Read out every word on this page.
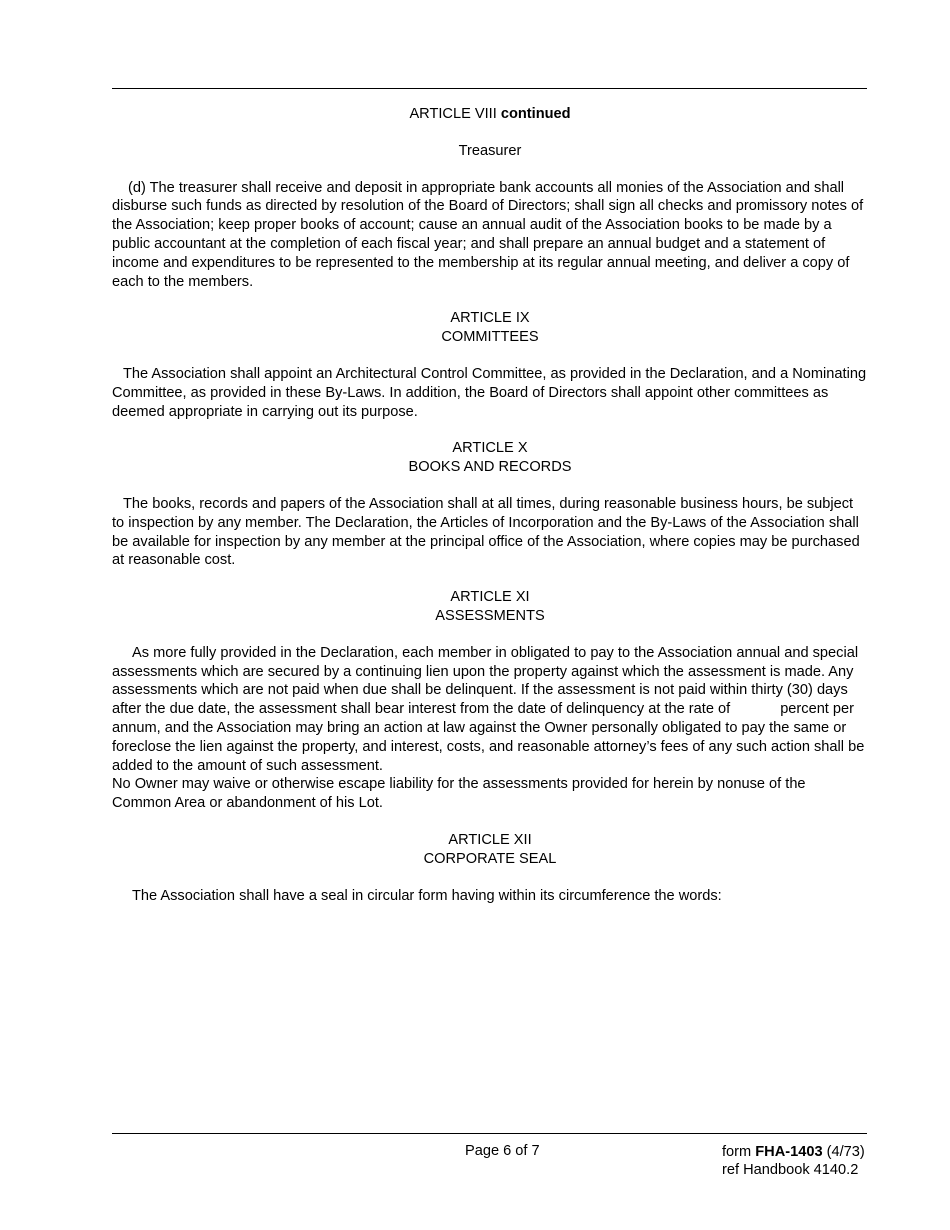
ARTICLE VIII continued

Treasurer

(d) The treasurer shall receive and deposit in appropriate bank accounts all monies of the Association and shall disburse such funds as directed by resolution of the Board of Directors; shall sign all checks and promissory notes of the Association; keep proper books of account; cause an annual audit of the Association books to be made by a public accountant at the completion of each fiscal year; and shall prepare an annual budget and a statement of income and expenditures to be represented to the membership at its regular annual meeting, and deliver a copy of each to the members.

ARTICLE IX

COMMITTEES

The Association shall appoint an Architectural Control Committee, as provided in the Declaration, and a Nominating Committee, as provided in these By-Laws. In addition, the Board of Directors shall appoint other committees as deemed appropriate in carrying out its purpose.

ARTICLE X

BOOKS AND RECORDS

The books, records and papers of the Association shall at all times, during reasonable business hours, be subject to inspection by any member. The Declaration, the Articles of Incorporation and the By-Laws of the Association shall be available for inspection by any member at the principal office of the Association, where copies may be purchased at reasonable cost.

ARTICLE XI

ASSESSMENTS

As more fully provided in the Declaration, each member in obligated to pay to the Association annual and special assessments which are secured by a continuing lien upon the property against which the assessment is made. Any assessments which are not paid when due shall be delinquent. If the assessment is not paid within thirty (30) days after the due date, the assessment shall bear interest from the date of delinquency at the rate of	percent per annum, and the Association may bring an action at law against the Owner personally obligated to pay the same or foreclose the lien against the property, and interest, costs, and reasonable attorney’s fees of any such action shall be added to the amount of such assessment.

No Owner may waive or otherwise escape liability for the assessments provided for herein by nonuse of the Common Area or abandonment of his Lot.

ARTICLE XII

CORPORATE SEAL

The Association shall have a seal in circular form having within its circumference the words:

Page 6 of 7	form FHA-1403 (4/73)
ref Handbook 4140.2
